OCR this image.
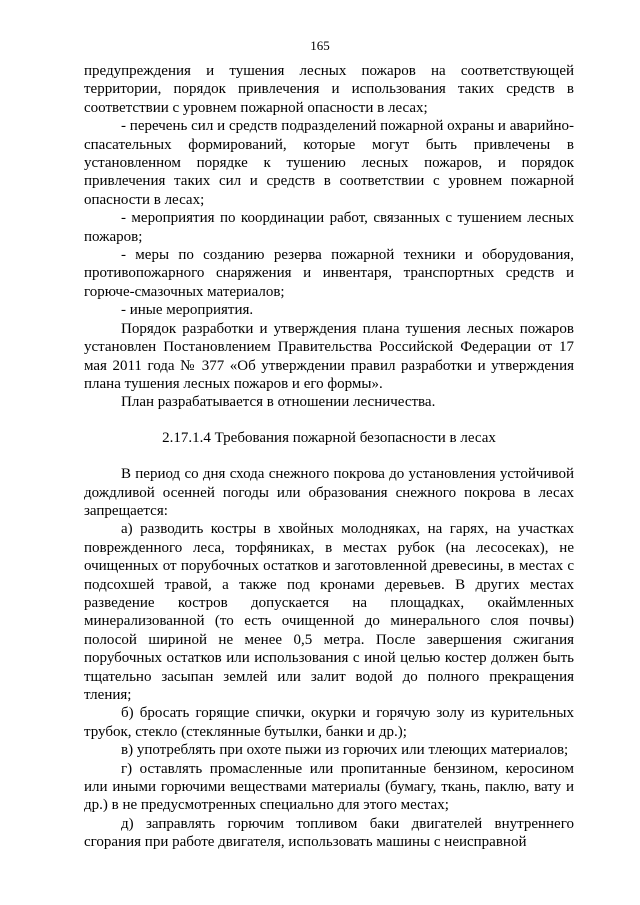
165

предупреждения и тушения лесных пожаров на соответствующей территории, порядок привлечения и использования таких средств в соответствии с уровнем пожарной опасности в лесах;

- перечень сил и средств подразделений пожарной охраны и аварийно-спасательных формирований, которые могут быть привлечены в установленном порядке к тушению лесных пожаров, и порядок привлечения таких сил и средств в соответствии с уровнем пожарной опасности в лесах;

- мероприятия по координации работ, связанных с тушением лесных пожаров;

- меры по созданию резерва пожарной техники и оборудования, противопожарного снаряжения и инвентаря, транспортных средств и горюче-смазочных материалов;

- иные мероприятия.

Порядок разработки и утверждения плана тушения лесных пожаров установлен Постановлением Правительства Российской Федерации от 17 мая 2011 года № 377 «Об утверждении правил разработки и утверждения плана тушения лесных пожаров и его формы».

План разрабатывается в отношении лесничества.

2.17.1.4 Требования пожарной безопасности в лесах

В период со дня схода снежного покрова до установления устойчивой дождливой осенней погоды или образования снежного покрова в лесах запрещается:

а) разводить костры в хвойных молодняках, на гарях, на участках поврежденного леса, торфяниках, в местах рубок (на лесосеках), не очищенных от порубочных остатков и заготовленной древесины, в местах с подсохшей травой, а также под кронами деревьев. В других местах разведение костров допускается на площадках, окаймленных минерализованной (то есть очищенной до минерального слоя почвы) полосой шириной не менее 0,5 метра. После завершения сжигания порубочных остатков или использования с иной целью костер должен быть тщательно засыпан землей или залит водой до полного прекращения тления;

б) бросать горящие спички, окурки и горячую золу из курительных трубок, стекло (стеклянные бутылки, банки и др.);

в) употреблять при охоте пыжи из горючих или тлеющих материалов;

г) оставлять промасленные или пропитанные бензином, керосином или иными горючими веществами материалы (бумагу, ткань, паклю, вату и др.) в не предусмотренных специально для этого местах;

д) заправлять горючим топливом баки двигателей внутреннего сгорания при работе двигателя, использовать машины с неисправной
